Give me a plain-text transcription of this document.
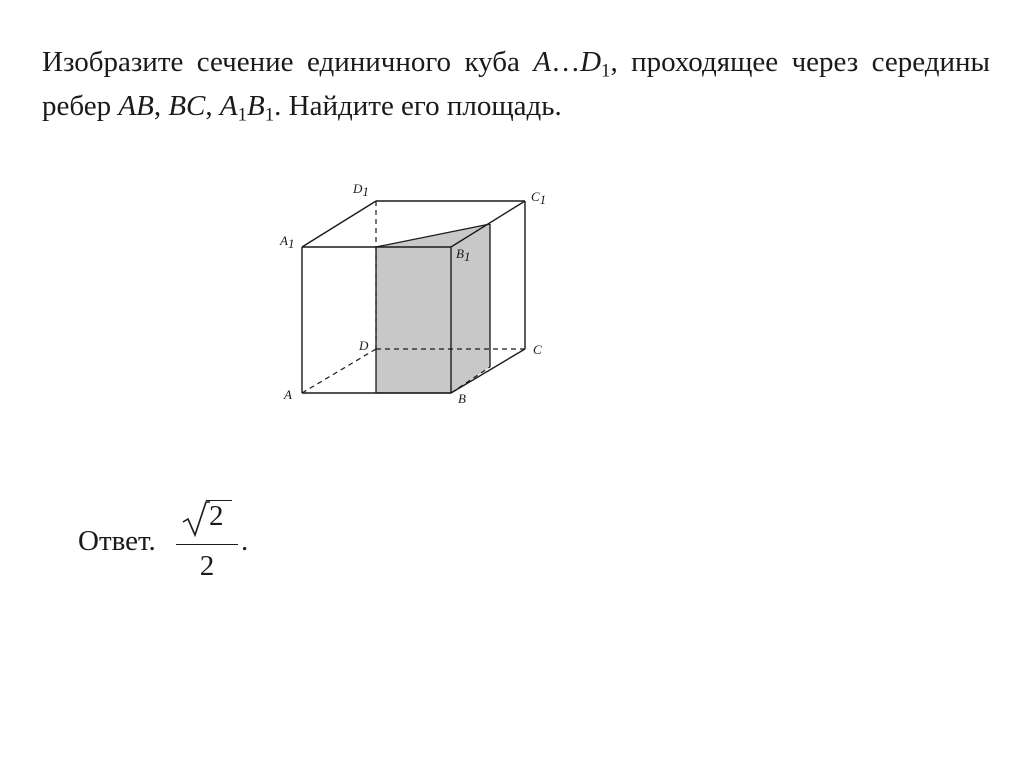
Изобразите сечение единичного куба $A\dots D_1$, проходящее через середины ребер AB, BC, $A_1B_1$. Найдите его площадь.
D1	C1
A1
B1
D	C
A	B
Ответ.
2
2
.
